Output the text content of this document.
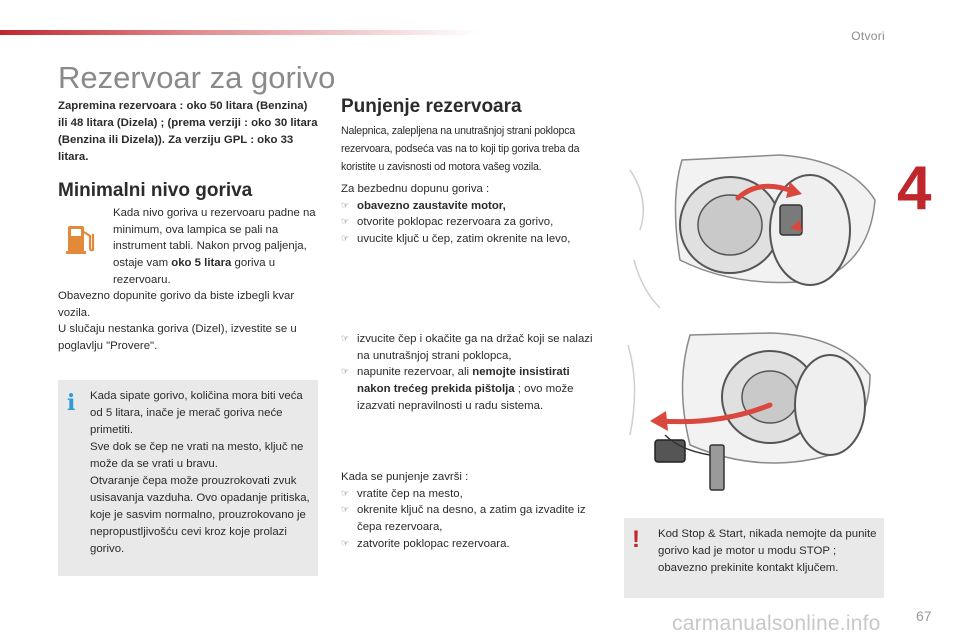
Otvori
4
Rezervoar za gorivo
Zapremina rezervoara : oko 50 litara (Benzina) ili 48 litara (Dizela) ; (prema verziji : oko 30 litara (Benzina ili Dizela)). Za verziju GPL : oko 33 litara.
Minimalni nivo goriva
Kada nivo goriva u rezervoaru padne na minimum, ova lampica se pali na instrument tabli. Nakon prvog paljenja, ostaje vam oko 5 litara goriva u rezervoaru.
Obavezno dopunite gorivo da biste izbegli kvar vozila.
U slučaju nestanka goriva (Dizel), izvestite se u poglavlju "Provere".
i Kada sipate gorivo, količina mora biti veća od 5 litara, inače je merač goriva neće primetiti.
Sve dok se čep ne vrati na mesto, ključ ne može da se vrati u bravu.
Otvaranje čepa može prouzrokovati zvuk usisavanja vazduha. Ovo opadanje pritiska, koje je sasvim normalno, prouzrokovano je nepropustljivošću cevi kroz koje prolazi gorivo.
Punjenje rezervoara
Nalepnica, zalepljena na unutrašnjoj strani poklopca rezervoara, podseća vas na to koji tip goriva treba da koristite u zavisnosti od motora vašeg vozila.
Za bezbednu dopunu goriva :
☞ obavezno zaustavite motor,
☞ otvorite poklopac rezervoara za gorivo,
☞ uvucite ključ u čep, zatim okrenite na levo,
☞ izvucite čep i okačite ga na držač koji se nalazi na unutrašnjoj strani poklopca,
☞ napunite rezervoar, ali nemojte insistirati nakon trećeg prekida pištolja ; ovo može izazvati nepravilnosti u radu sistema.
Kada se punjenje završi :
☞ vratite čep na mesto,
☞ okrenite ključ na desno, a zatim ga izvadite iz čepa rezervoara,
☞ zatvorite poklopac rezervoara.	! Kod Stop & Start, nikada nemojte da punite gorivo kad je motor u modu STOP ; obavezno prekinite kontakt ključem.
carmanualsonline.info	67
